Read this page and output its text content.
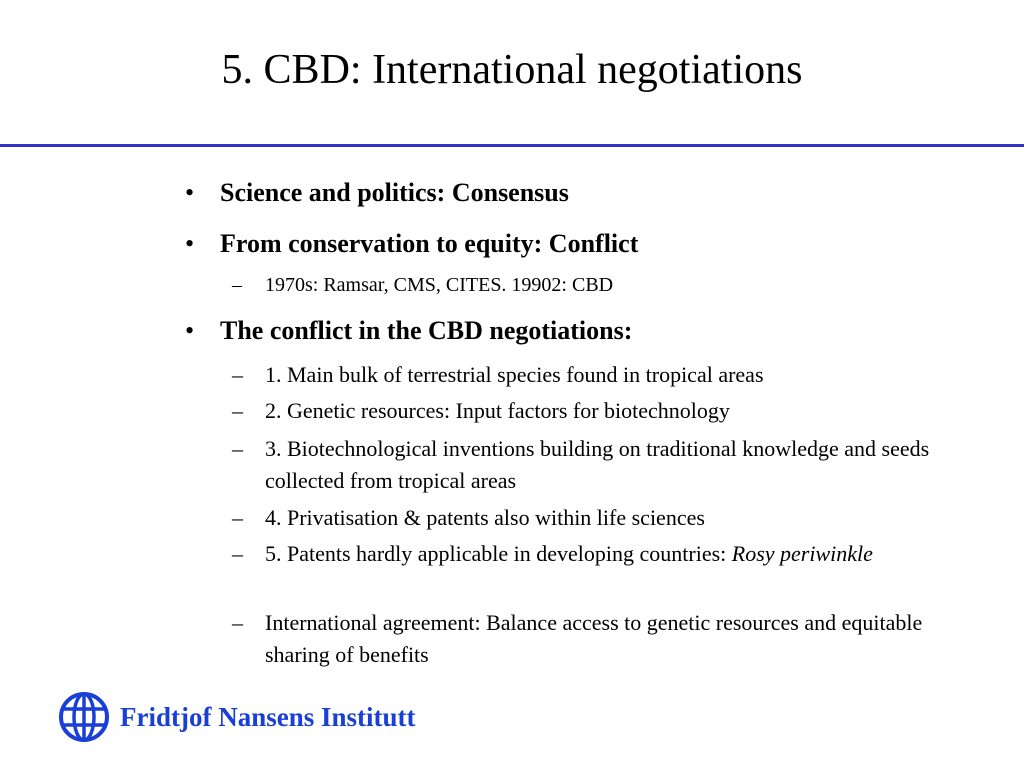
5. CBD: International negotiations
• Science and politics: Consensus
• From conservation to equity: Conflict
– 1970s: Ramsar, CMS, CITES. 19902: CBD
• The conflict in the CBD negotiations:
– 1. Main bulk of terrestrial species found in tropical areas
– 2. Genetic resources: Input factors for biotechnology
– 3. Biotechnological inventions building on traditional knowledge and seeds collected from tropical areas
– 4. Privatisation & patents also within life sciences
– 5. Patents hardly applicable in developing countries: Rosy periwinkle
– International agreement: Balance access to genetic resources and equitable sharing of benefits
Fridtjof Nansens Institutt
